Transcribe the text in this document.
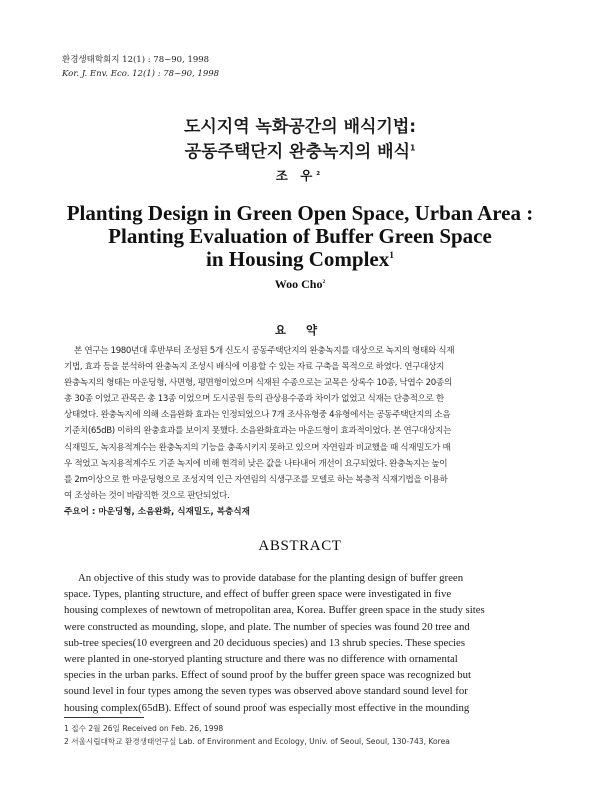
환경생태학회지 12(1) : 78~90, 1998
Kor. J. Env. Eco. 12(1) : 78~90, 1998
도시지역 녹화공간의 배식기법:
공동주택단지 완충녹지의 배식$^1$
조 우$^2$
Planting Design in Green Open Space, Urban Area :
Planting Evaluation of Buffer Green Space
in Housing Complex$^1$
Woo Cho$^2$
요 약
본 연구는 1980년대 후반부터 조성된 5개 신도시 공동주택단지의 완충녹지를 대상으로 녹지의 형태와 식재
기법, 효과 등을 분석하여 완충녹지 조성시 배식에 이용할 수 있는 자료 구축을 목적으로 하였다. 연구대상지
완충녹지의 형태는 마운딩형, 사면형, 평면형이었으며 식재된 수종으로는 교목은 상록수 10종, 낙엽수 20종의
총 30종 이었고 관목은 총 13종 이었으며 도시공원 등의 관상용수종과 차이가 없었고 식재는 단층적으로 한
상태였다. 완충녹지에 의해 소음완화 효과는 인정되었으나 7개 조사유형중 4유형에서는 공동주택단지의 소음
기준치(65dB) 이하의 완충효과를 보이지 못했다. 소음완화효과는 마운드형이 효과적이었다. 본 연구대상지는
식재밀도, 녹지용적계수는 완충녹지의 기능을 충족시키지 못하고 있으며 자연림과 비교했을 때 식재밀도가 매
우 적었고 녹지용적계수도 기준 녹지에 비해 현격히 낮은 값을 나타내어 개선이 요구되었다. 완충녹지는 높이
를 2m이상으로 한 마운딩형으로 조성지역 인근 자연림의 식생구조를 모델로 하는 복층적 식재기법을 이용하
여 조성하는 것이 바람직한 것으로 판단되었다.
주요어 : 마운딩형, 소음완화, 식재밀도, 복층식재
ABSTRACT
An objective of this study was to provide database for the planting design of buffer green
space. Types, planting structure, and effect of buffer green space were investigated in five
housing complexes of newtown of metropolitan area, Korea. Buffer green space in the study sites
were constructed as mounding, slope, and plate. The number of species was found 20 tree and
sub-tree species(10 evergreen and 20 deciduous species) and 13 shrub species. These species
were planted in one-storyed planting structure and there was no difference with ornamental
species in the urban parks. Effect of sound proof by the buffer green space was recognized but
sound level in four types among the seven types was observed above standard sound level for
housing complex(65dB). Effect of sound proof was especially most effective in the mounding
1 접수 2월 26일 Received on Feb. 26, 1998
2 서울시립대학교 환경생태연구실 Lab. of Environment and Ecology, Univ. of Seoul, Seoul, 130-743, Korea
